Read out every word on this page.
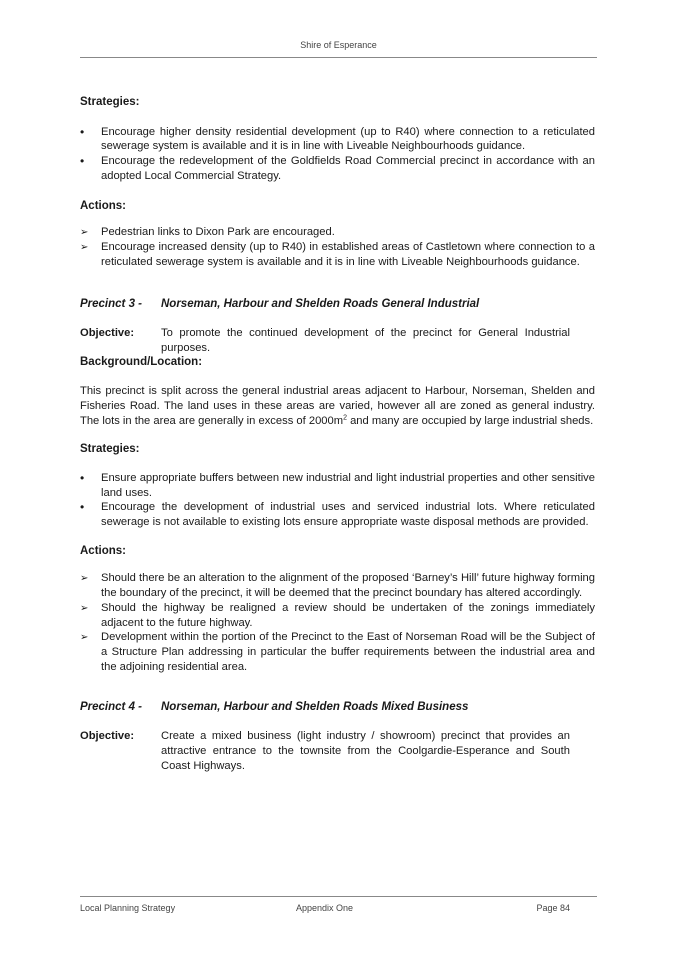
Shire of Esperance

Strategies:

•
Encourage higher density residential development (up to R40) where connection to a reticulated sewerage system is available and it is in line with Liveable Neighbourhoods guidance.
•
Encourage the redevelopment of the Goldfields Road Commercial precinct in accordance with an adopted Local Commercial Strategy.

Actions:

➢
Pedestrian links to Dixon Park are encouraged.
➢
Encourage increased density (up to R40) in established areas of Castletown where connection to a reticulated sewerage system is available and it is in line with Liveable Neighbourhoods guidance.

Precinct 3 -	Norseman, Harbour and Shelden Roads General Industrial

Objective:	To promote the continued development of the precinct for General Industrial purposes.

Background/Location:

This precinct is split across the general industrial areas adjacent to Harbour, Norseman, Shelden and Fisheries Road. The land uses in these areas are varied, however all are zoned as general industry. The lots in the area are generally in excess of $2000m^2$ and many are occupied by large industrial sheds.

Strategies:

•
Ensure appropriate buffers between new industrial and light industrial properties and other sensitive land uses.
•
Encourage the development of industrial uses and serviced industrial lots. Where reticulated sewerage is not available to existing lots ensure appropriate waste disposal methods are provided.

Actions:

➢
Should there be an alteration to the alignment of the proposed ‘Barney’s Hill’ future highway forming the boundary of the precinct, it will be deemed that the precinct boundary has altered accordingly.
➢
Should the highway be realigned a review should be undertaken of the zonings immediately adjacent to the future highway.
➢
Development within the portion of the Precinct to the East of Norseman Road will be the Subject of a Structure Plan addressing in particular the buffer requirements between the industrial area and the adjoining residential area.

Precinct 4 -	Norseman, Harbour and Shelden Roads Mixed Business

Objective:	Create a mixed business (light industry / showroom) precinct that provides an attractive entrance to the townsite from the Coolgardie-Esperance and South Coast Highways.
Local Planning Strategy	Appendix One	Page 84
